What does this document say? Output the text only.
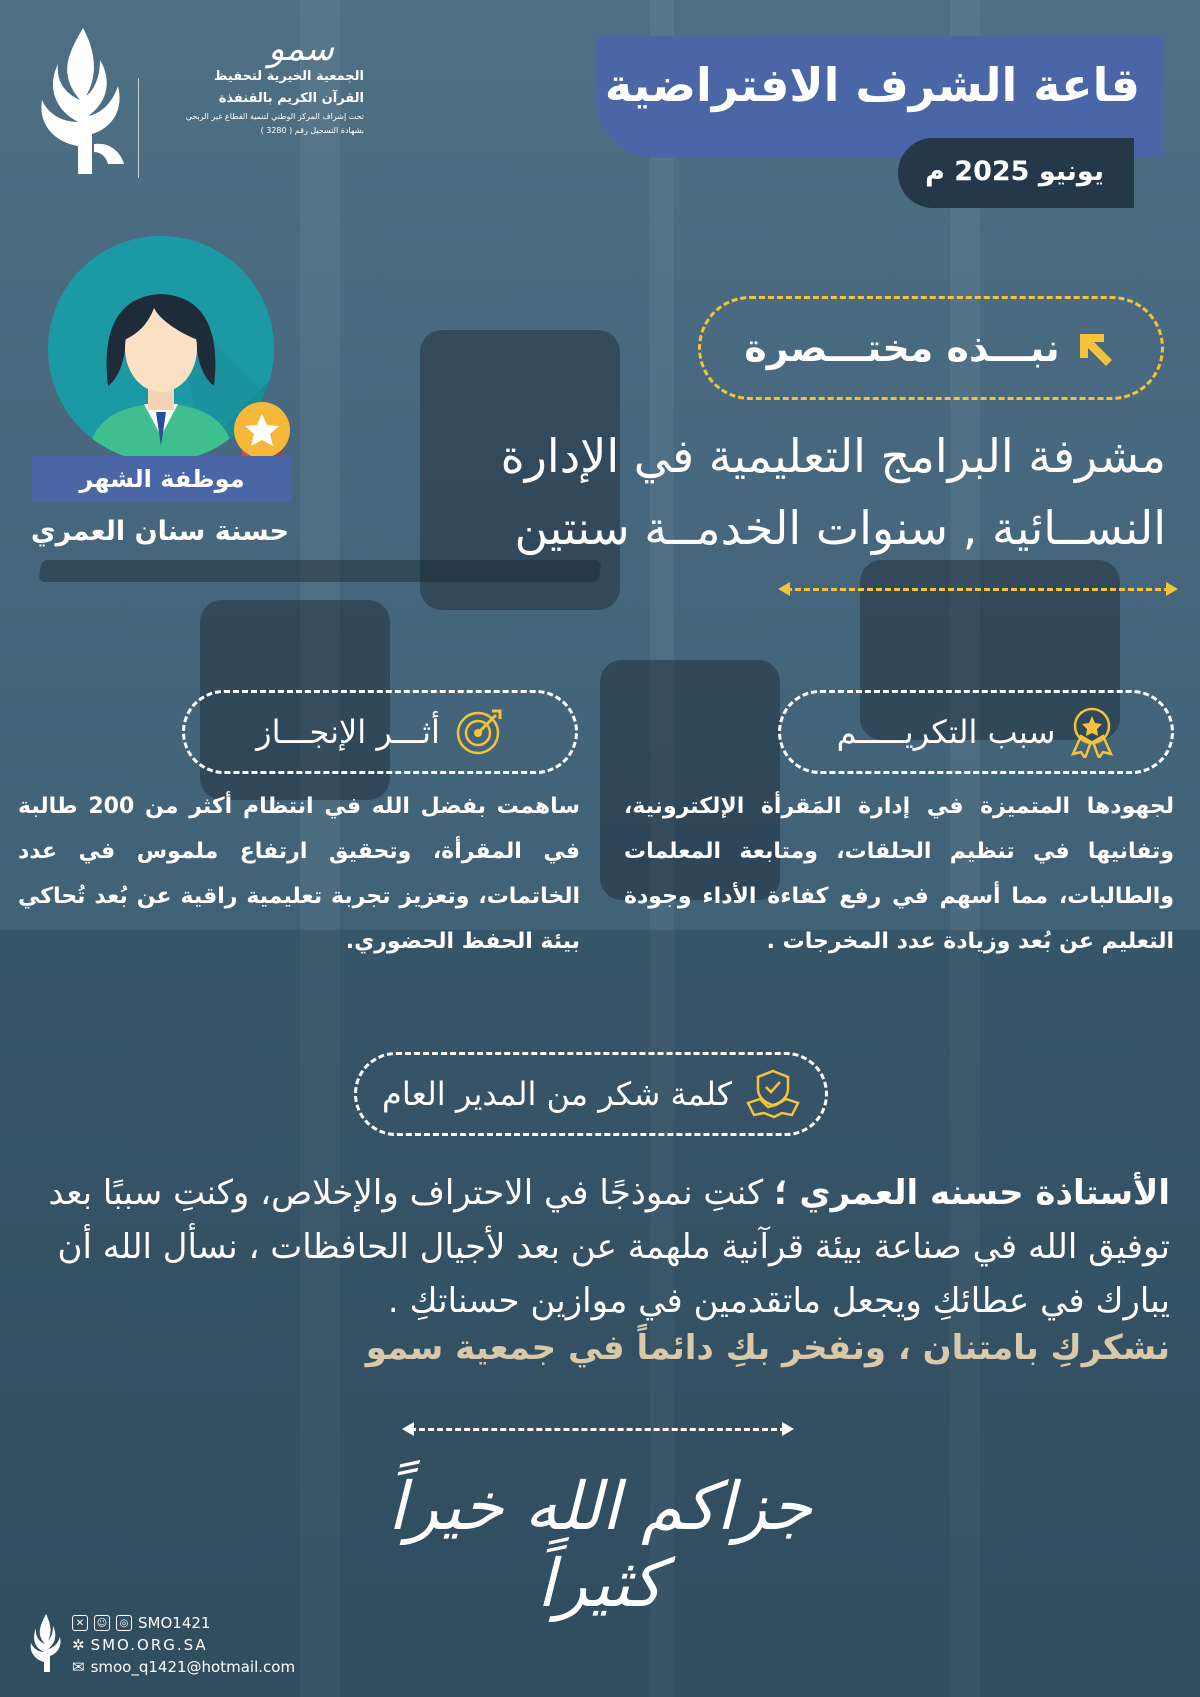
سمو
الجمعية الخيرية لتحفيظ
القرآن الكريم بالقنفذة
تحت إشراف المركز الوطني لتنمية القطاع غير الربحي
بشهادة التسجيل رقم ( 3280 )
قاعة الشرف الافتراضية
يونيو 2025 م
موظفة الشهر
حسنة سنان العمري
نبـــذه مختـــصرة
مشرفة البرامج التعليمية في الإدارة النســائية , سنوات الخدمــة سنتين
سبب التكريـــــم
لجهودها المتميزة في إدارة المَقرأة الإلكترونية، وتفانيها في تنظيم الحلقات، ومتابعة المعلمات والطالبات، مما أسهم في رفع كفاءة الأداء وجودة التعليم عن بُعد وزيادة عدد المخرجات .
أثـــر الإنجـــاز
ساهمت بفضل الله في انتظام أكثر من 200 طالبة في المقرأة، وتحقيق ارتفاع ملموس في عدد الخاتمات، وتعزيز تجربة تعليمية راقية عن بُعد تُحاكي بيئة الحفظ الحضوري.
كلمة شكر من المدير العام
الأستاذة حسنه العمري ؛ كنتِ نموذجًا في الاحتراف والإخلاص، وكنتِ سببًا بعد توفيق الله في صناعة بيئة قرآنية ملهمة عن بعد لأجيال الحافظات ، نسأل الله أن يبارك في عطائكِ ويجعل ماتقدمين في موازين حسناتكِ .
نشكركِ بامتنان ، ونفخر بكِ دائماً في جمعية سمو
جزاكم الله خيراً كثيراً
✕	☺	◎ SMO1421
✲ SMO.ORG.SA
✉ smoo_q1421@hotmail.com
